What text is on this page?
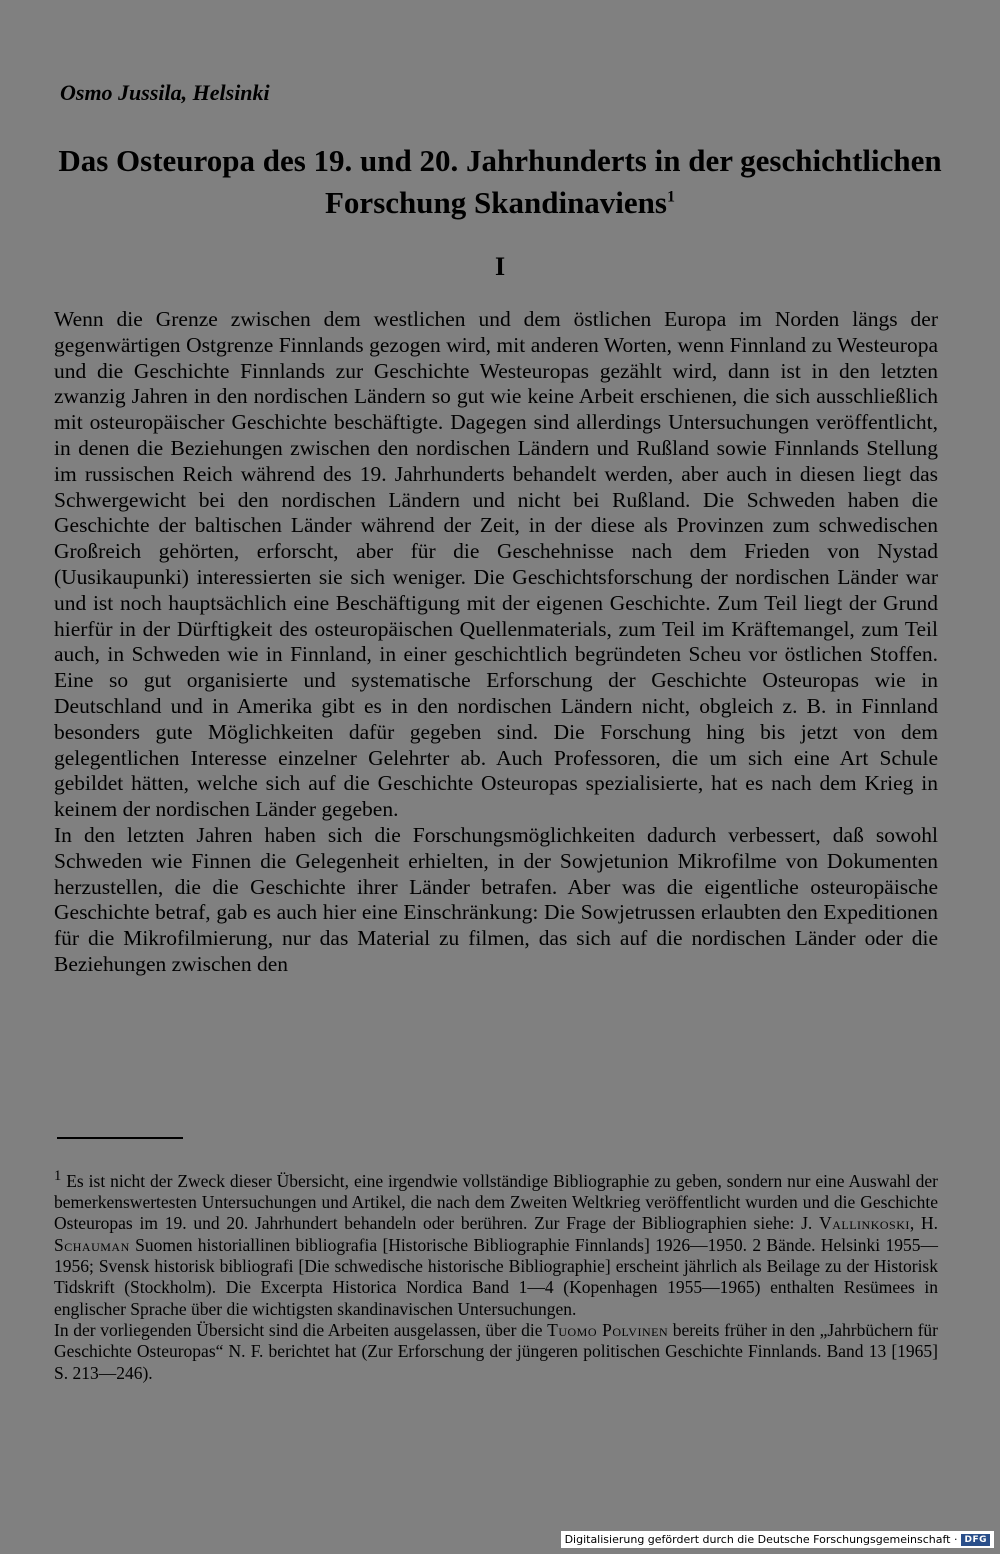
Osmo Jussila, Helsinki
Das Osteuropa des 19. und 20. Jahrhunderts in der geschichtlichen Forschung Skandinaviens$^1$
I

Wenn die Grenze zwischen dem westlichen und dem östlichen Europa im Norden längs der gegenwärtigen Ostgrenze Finnlands gezogen wird, mit anderen Worten, wenn Finnland zu Westeuropa und die Geschichte Finnlands zur Geschichte Westeuropas gezählt wird, dann ist in den letzten zwanzig Jahren in den nordischen Ländern so gut wie keine Arbeit erschienen, die sich ausschließlich mit osteuropäischer Geschichte beschäftigte. Dagegen sind allerdings Untersuchungen veröffentlicht, in denen die Beziehungen zwischen den nordischen Ländern und Rußland sowie Finnlands Stellung im russischen Reich während des 19. Jahrhunderts behandelt werden, aber auch in diesen liegt das Schwergewicht bei den nordischen Ländern und nicht bei Rußland. Die Schweden haben die Geschichte der baltischen Länder während der Zeit, in der diese als Provinzen zum schwedischen Großreich gehörten, erforscht, aber für die Geschehnisse nach dem Frieden von Nystad (Uusikaupunki) interessierten sie sich weniger. Die Geschichtsforschung der nordischen Länder war und ist noch hauptsächlich eine Beschäftigung mit der eigenen Geschichte. Zum Teil liegt der Grund hierfür in der Dürftigkeit des osteuropäischen Quellenmaterials, zum Teil im Kräftemangel, zum Teil auch, in Schweden wie in Finnland, in einer geschichtlich begründeten Scheu vor östlichen Stoffen. Eine so gut organisierte und systematische Erforschung der Geschichte Osteuropas wie in Deutschland und in Amerika gibt es in den nordischen Ländern nicht, obgleich z. B. in Finnland besonders gute Möglichkeiten dafür gegeben sind. Die Forschung hing bis jetzt von dem gelegentlichen Interesse einzelner Gelehrter ab. Auch Professoren, die um sich eine Art Schule gebildet hätten, welche sich auf die Geschichte Osteuropas spezialisierte, hat es nach dem Krieg in keinem der nordischen Länder gegeben.

In den letzten Jahren haben sich die Forschungsmöglichkeiten dadurch verbessert, daß sowohl Schweden wie Finnen die Gelegenheit erhielten, in der Sowjetunion Mikrofilme von Dokumenten herzustellen, die die Geschichte ihrer Länder betrafen. Aber was die eigentliche osteuropäische Geschichte betraf, gab es auch hier eine Einschränkung: Die Sowjetrussen erlaubten den Expeditionen für die Mikrofilmierung, nur das Material zu filmen, das sich auf die nordischen Länder oder die Beziehungen zwischen den

$^1$ Es ist nicht der Zweck dieser Übersicht, eine irgendwie vollständige Bibliographie zu geben, sondern nur eine Auswahl der bemerkenswertesten Untersuchungen und Artikel, die nach dem Zweiten Weltkrieg veröffentlicht wurden und die Geschichte Osteuropas im 19. und 20. Jahrhundert behandeln oder berühren. Zur Frage der Bibliographien siehe: J. Vallinkoski, H. Schauman Suomen historiallinen bibliografia [Historische Bibliographie Finnlands] 1926—1950. 2 Bände. Helsinki 1955—1956; Svensk historisk bibliografi [Die schwedische historische Bibliographie] erscheint jährlich als Beilage zu der Historisk Tidskrift (Stockholm). Die Excerpta Historica Nordica Band 1—4 (Kopenhagen 1955—1965) enthalten Resümees in englischer Sprache über die wichtigsten skandinavischen Untersuchungen.

In der vorliegenden Übersicht sind die Arbeiten ausgelassen, über die Tuomo Polvinen bereits früher in den „Jahrbüchern für Geschichte Osteuropas“ N. F. berichtet hat (Zur Erforschung der jüngeren politischen Geschichte Finnlands. Band 13 [1965] S. 213—246).

Digitalisierung gefördert durch die Deutsche Forschungsgemeinschaft · DFG
